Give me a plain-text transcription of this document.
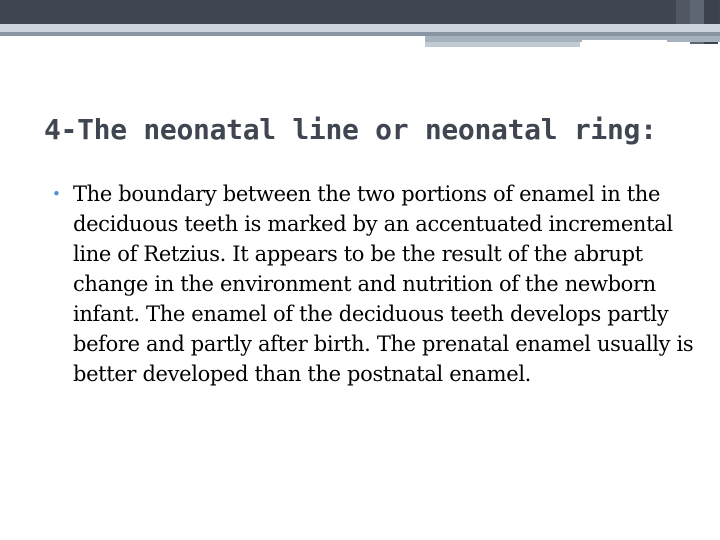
4-The neonatal line or neonatal ring:
• The boundary between the two portions of enamel in the deciduous teeth is marked by an accentuated incremental line of Retzius. It appears to be the result of the abrupt change in the environment and nutrition of the newborn infant. The enamel of the deciduous teeth develops partly before and partly after birth. The prenatal enamel usually is better developed than the postnatal enamel.
